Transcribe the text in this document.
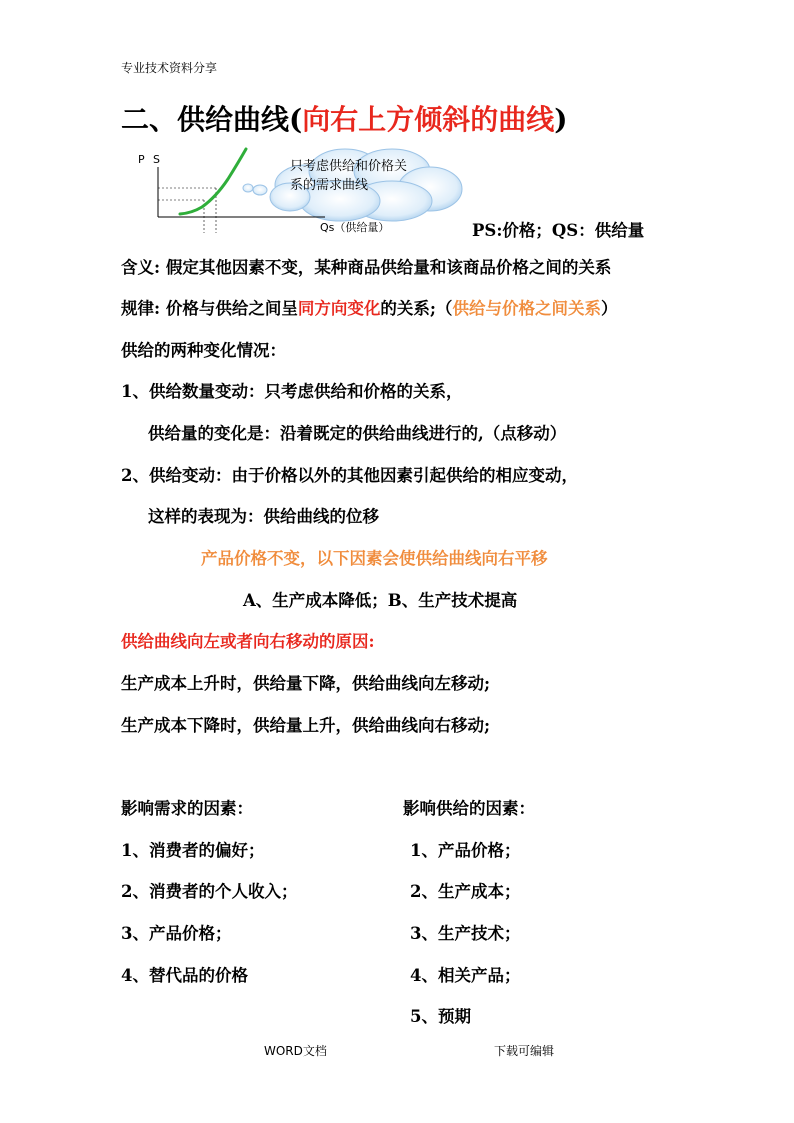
专业技术资料分享
二、供给曲线(向右上方倾斜的曲线)
P S
Qs（供给量）
只考虑供给和价格关
系的需求曲线
PS:价格；QS：供给量
含义: 假定其他因素不变，某种商品供给量和该商品价格之间的关系
规律: 价格与供给之间呈同方向变化的关系;（供给与价格之间关系）
供给的两种变化情况：
1、供给数量变动：只考虑供给和价格的关系，
供给量的变化是：沿着既定的供给曲线进行的,（点移动）
2、供给变动：由于价格以外的其他因素引起供给的相应变动，
这样的表现为：供给曲线的位移
产品价格不变，以下因素会使供给曲线向右平移
A、生产成本降低；B、生产技术提高
供给曲线向左或者向右移动的原因:
生产成本上升时，供给量下降，供给曲线向左移动;
生产成本下降时，供给量上升，供给曲线向右移动;
影响需求的因素：
1、消费者的偏好；
2、消费者的个人收入；
3、产品价格；
4、替代品的价格
影响供给的因素：
1、产品价格；
2、生产成本；
3、生产技术；
4、相关产品；
5、预期
WORD文档	下载可编辑
